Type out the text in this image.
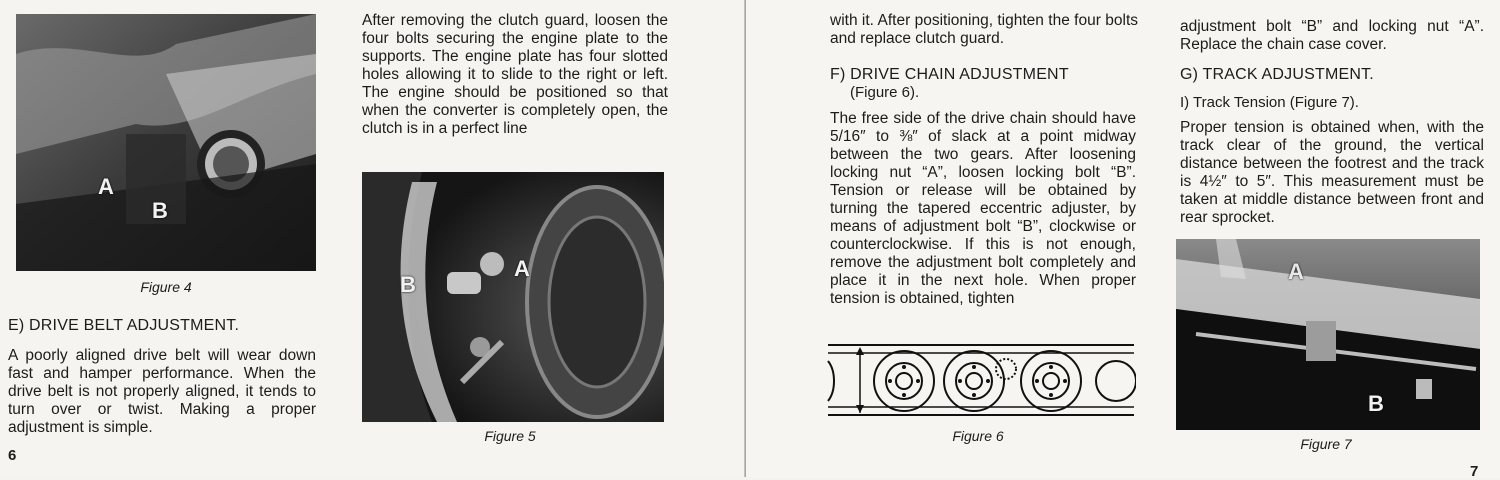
A
B
Figure 4
E) DRIVE BELT ADJUSTMENT.
A poorly aligned drive belt will wear down fast and hamper performance. When the drive belt is not properly aligned, it tends to turn over or twist. Making a proper adjustment is simple.
6
After removing the clutch guard, loosen the four bolts securing the engine plate to the supports. The engine plate has four slotted holes allowing it to slide to the right or left. The engine should be positioned so that when the converter is completely open, the clutch is in a perfect line
B
A
Figure 5
with it. After positioning, tighten the four bolts and replace clutch guard.
F) DRIVE CHAIN ADJUSTMENT
(Figure 6).
The free side of the drive chain should have 5/16″ to ⅜″ of slack at a point midway between the two gears. After loosening locking nut “A”, loosen locking bolt “B”. Tension or release will be obtained by turning the tapered eccentric adjuster, by means of adjustment bolt “B”, clockwise or counterclockwise. If this is not enough, remove the adjustment bolt completely and place it in the next hole. When proper tension is obtained, tighten
Figure 6
adjustment bolt “B” and locking nut “A”. Replace the chain case cover.
G) TRACK ADJUSTMENT.
I) Track Tension (Figure 7).
Proper tension is obtained when, with the track clear of the ground, the vertical distance between the footrest and the track is 4½″ to 5″. This measurement must be taken at middle distance between front and rear sprocket.
A
B
Figure 7
7
